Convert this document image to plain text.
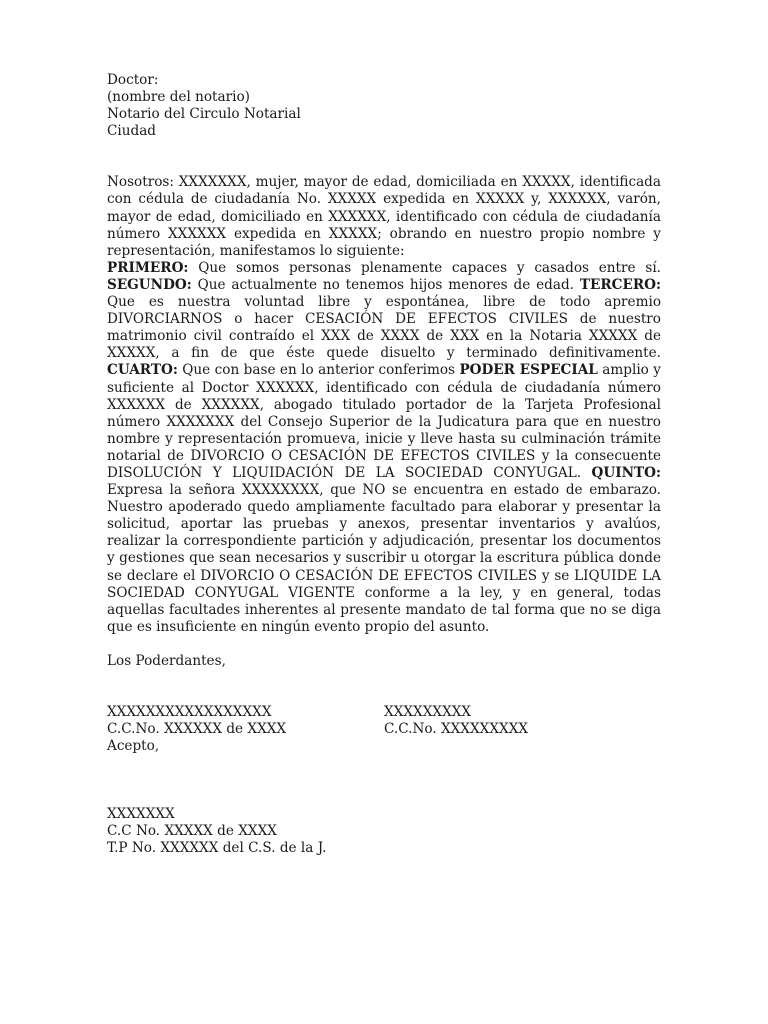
Doctor:
(nombre del notario)
Notario del Circulo Notarial
Ciudad

Nosotros: XXXXXXX, mujer, mayor de edad, domiciliada en XXXXX, identificada con cédula de ciudadanía No. XXXXX expedida en XXXXX y, XXXXXX, varón, mayor de edad, domiciliado en XXXXXX, identificado con cédula de ciudadanía número XXXXXX expedida en XXXXX; obrando en nuestro propio nombre y representación, manifestamos lo siguiente:

PRIMERO: Que somos personas plenamente capaces y casados entre sí. SEGUNDO: Que actualmente no tenemos hijos menores de edad. TERCERO: Que es nuestra voluntad libre y espontánea, libre de todo apremio DIVORCIARNOS o hacer CESACIÓN DE EFECTOS CIVILES de nuestro matrimonio civil contraído el XXX de XXXX de XXX en la Notaria XXXXX de XXXXX, a fin de que éste quede disuelto y terminado definitivamente. CUARTO: Que con base en lo anterior conferimos PODER ESPECIAL amplio y suficiente al Doctor XXXXXX, identificado con cédula de ciudadanía número XXXXXX de XXXXXX, abogado titulado portador de la Tarjeta Profesional número XXXXXXX del Consejo Superior de la Judicatura para que en nuestro nombre y representación promueva, inicie y lleve hasta su culminación trámite notarial de DIVORCIO O CESACIÓN DE EFECTOS CIVILES y la consecuente DISOLUCIÓN Y LIQUIDACIÓN DE LA SOCIEDAD CONYUGAL. QUINTO: Expresa la señora XXXXXXXX, que NO se encuentra en estado de embarazo. Nuestro apoderado quedo ampliamente facultado para elaborar y presentar la solicitud, aportar las pruebas y anexos, presentar inventarios y avalúos, realizar la correspondiente partición y adjudicación, presentar los documentos y gestiones que sean necesarios y suscribir u otorgar la escritura pública donde se declare el DIVORCIO O CESACIÓN DE EFECTOS CIVILES y se LIQUIDE LA SOCIEDAD CONYUGAL VIGENTE conforme a la ley, y en general, todas aquellas facultades inherentes al presente mandato de tal forma que no se diga que es insuficiente en ningún evento propio del asunto.

Los Poderdantes,
XXXXXXXXXXXXXXXXX
C.C.No. XXXXXX de XXXX
XXXXXXXXX
C.C.No. XXXXXXXXX
Acepto,
XXXXXXX
C.C No. XXXXX de XXXX
T.P No. XXXXXX del C.S. de la J.
